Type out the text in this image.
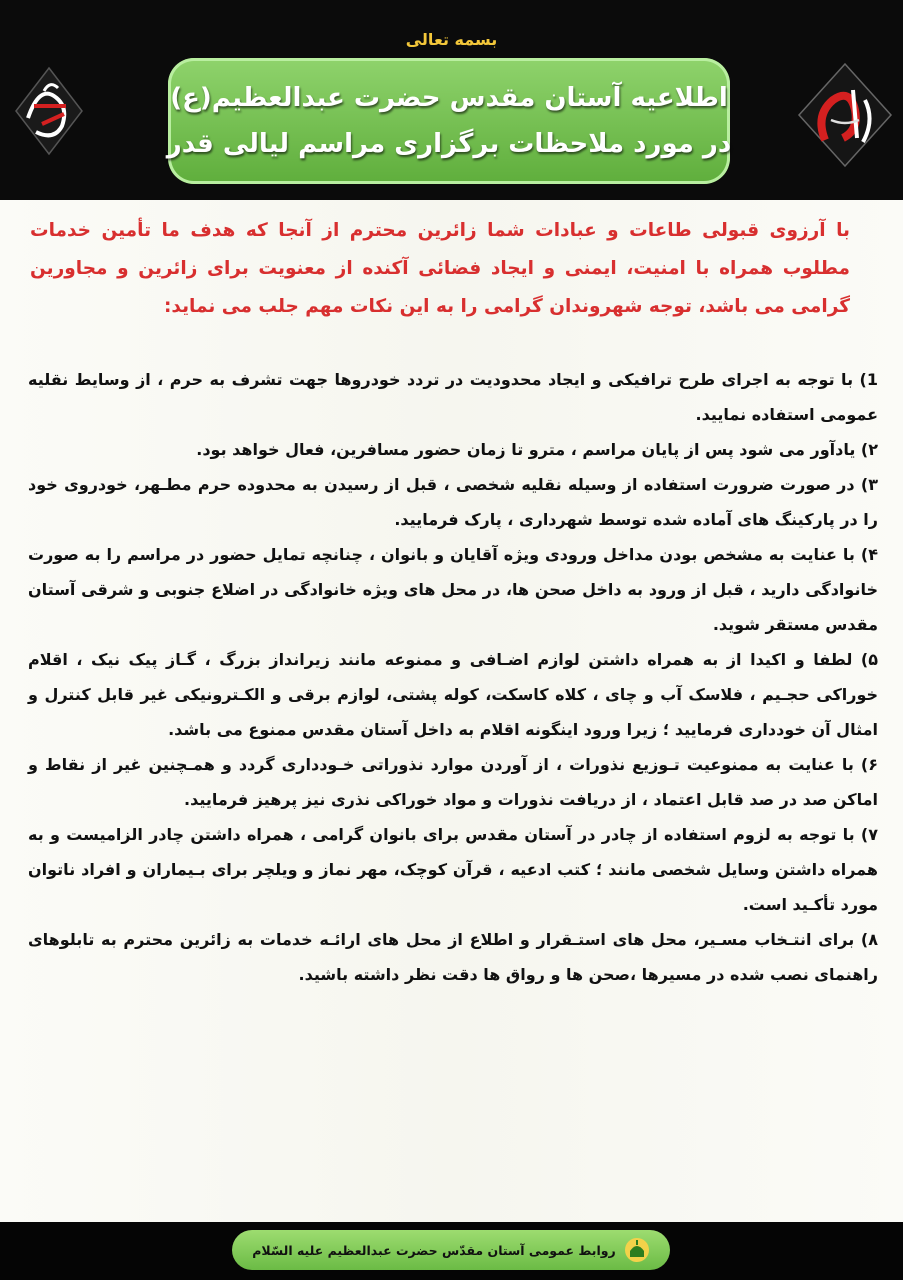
بسمه تعالی
اطلاعیه آستان مقدس حضرت عبدالعظیم(ع)
در مورد ملاحظات برگزاری مراسم لیالی قدر
با آرزوی قبولی طاعات و عبادات شما زائرین محترم از آنجا که هدف ما تأمین خدمات مطلوب همراه با امنیت، ایمنی و ایجاد فضائی آکنده از معنویت برای زائرین و مجاورین گرامی می باشد، توجه شهروندان گرامی را به این نکات مهم جلب می نماید:
1) با توجه به اجرای طرح ترافیکی و ایجاد محدودیت در تردد خودروها جهت تشرف به حرم ، از وسایط نقلیه عمومی استفاده نمایید.
۲) یادآور می شود پس از پایان مراسم ، مترو تا زمان حضور مسافرین، فعال خواهد بود.
۳) در صورت ضرورت استفاده از وسیله نقلیه شخصی ، قبل از رسیدن به محدوده حرم مطـهر، خودروی خود را در پارکینگ های آماده شده توسط شهرداری ، پارک فرمایید.
۴) با عنایت به مشخص بودن مداخل ورودی ویژه آقایان و بانوان ، چنانچه تمایل حضور در مراسم را به صورت خانوادگی دارید ، قبل از ورود به داخل صحن ها، در محل های ویژه خانوادگی در اضلاع جنوبی و شرقی آستان مقدس مستقر شوید.
۵) لطفا و اکیدا از به همراه داشتن لوازم اضـافی و ممنوعه مانند زیرانداز بزرگ ، گـاز پیک نیک ، اقلام خوراکی حجـیم ، فلاسک آب و چای ، کلاه کاسکت، کوله پشتی، لوازم برقی و الکـترونیکی غیر قابل کنترل و امثال آن خودداری فرمایید ؛ زیرا ورود اینگونه اقلام به داخل آستان مقدس ممنوع می باشد.
۶) با عنایت به ممنوعیت تـوزیع نذورات ، از آوردن موارد نذوراتی خـودداری گردد و همـچنین غیر از نقاط و اماکن صد در صد قابل اعتماد ، از دریافت نذورات و مواد خوراکی نذری نیز پرهیز فرمایید.
۷) با توجه به لزوم استفاده از چادر در آستان مقدس برای بانوان گرامی ، همراه داشتن چادر الزامیست و به همراه داشتن وسایل شخصی مانند ؛ کتب ادعیه ، قرآن کوچک، مهر نماز و ویلچر برای بـیماران و افراد ناتوان مورد تأکـید است.
۸) برای انتـخاب مسـیر، محل های استـقرار و اطلاع از محل های ارائـه خدمات به زائرین محترم به تابلوهای راهنمای نصب شده در مسیرها ،صحن ها و رواق ها دقت نظر داشته باشید.
روابط عمومی آستان مقدّس حضرت عبدالعظیم علیه السّلام
